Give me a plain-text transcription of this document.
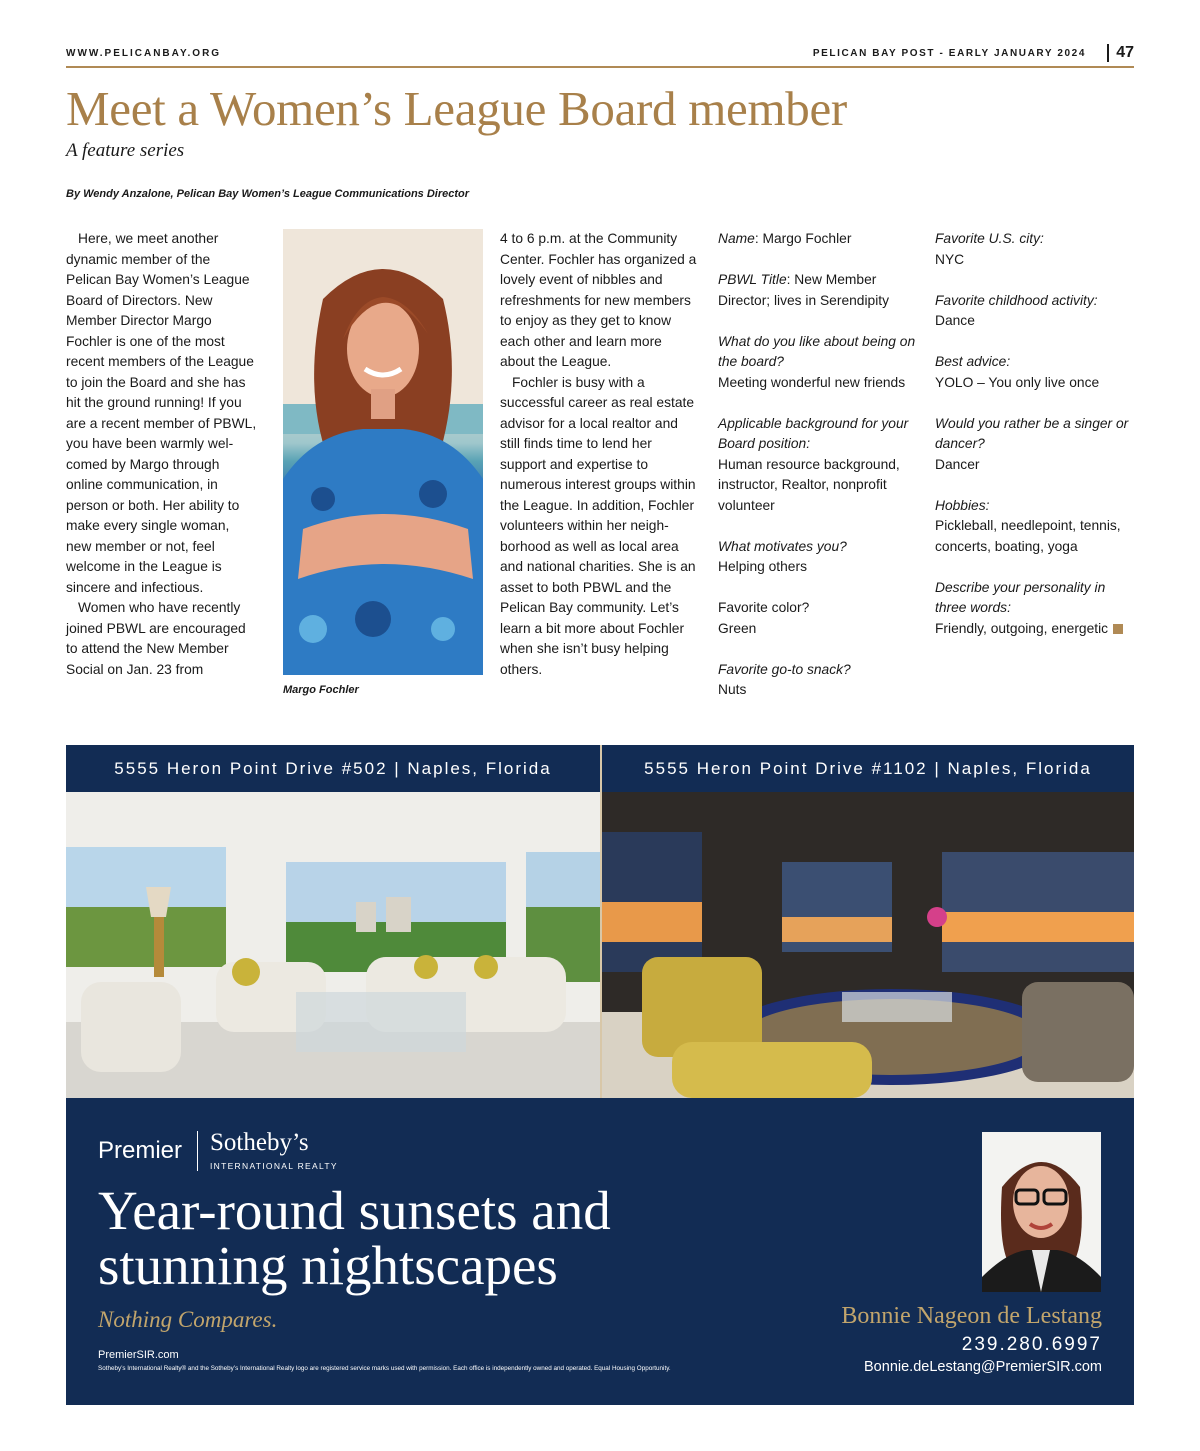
WWW.PELICANBAY.ORG	PELICAN BAY POST - EARLY JANUARY 2024	47
Meet a Women’s League Board member
A feature series
By Wendy Anzalone, Pelican Bay Women’s League Communications Director

Here, we meet another dynamic member of the Pelican Bay Women’s League Board of Directors. New Member Director Margo Fochler is one of the most recent members of the League to join the Board and she has hit the ground running! If you are a recent member of PBWL, you have been warmly welcomed by Margo through online communication, in person or both. Her ability to make every single woman, new member or not, feel welcome in the League is sincere and infectious.

Women who have recently joined PBWL are encouraged to attend the New Member Social on Jan. 23 from

Margo Fochler

4 to 6 p.m. at the Community Center. Fochler has organized a lovely event of nibbles and refreshments for new members to enjoy as they get to know each other and learn more about the League.

Fochler is busy with a successful career as real estate advisor for a local realtor and still finds time to lend her support and expertise to numerous interest groups within the League. In addition, Fochler volunteers within her neighborhood as well as local area and national charities. She is an asset to both PBWL and the Pelican Bay community. Let’s learn a bit more about Fochler when she isn’t busy helping others.

Name: Margo Fochler
PBWL Title: New Member Director; lives in Serendipity
What do you like about being on the board?
Meeting wonderful new friends
Applicable background for your Board position:
Human resource background, instructor, Realtor, nonprofit volunteer
What motivates you?
Helping others
Favorite color?
Green
Favorite go-to snack?
Nuts
Favorite U.S. city:
NYC
Favorite childhood activity:
Dance
Best advice:
YOLO – You only live once
Would you rather be a singer or dancer?
Dancer
Hobbies:
Pickleball, needlepoint, tennis, concerts, boating, yoga
Describe your personality in three words:
Friendly, outgoing, energetic
5555 Heron Point Drive #502 | Naples, Florida	5555 Heron Point Drive #1102 | Naples, Florida
Premier Sotheby’s
INTERNATIONAL REALTY
Year-round sunsets and stunning nightscapes
Nothing Compares.
PremierSIR.com
Sotheby’s International Realty® and the Sotheby’s International Realty logo are registered service marks used with permission. Each office is independently owned and operated. Equal Housing Opportunity.
Bonnie Nageon de Lestang
239.280.6997
Bonnie.deLestang@PremierSIR.com
